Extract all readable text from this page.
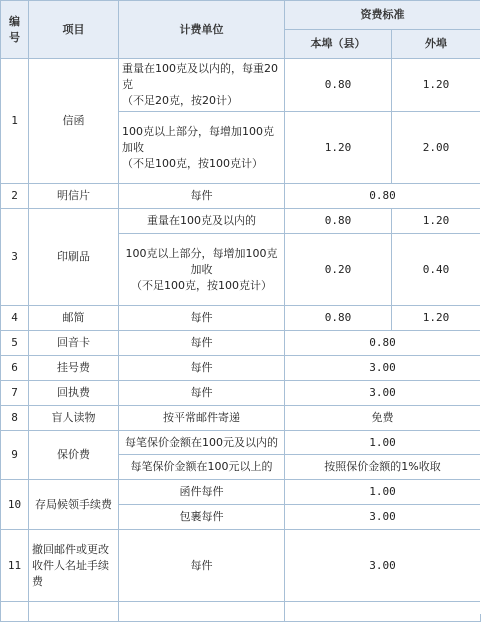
编号	项目	计费单位	资费标准	
			本埠（县）	外埠
1	信函	重量在100克及以内的，每重20克
（不足20克，按20计）	0.80	1.20
		100克以上部分，每增加100克加收
（不足100克，按100克计）	1.20	2.00
2	明信片	每件	0.80	
3	印刷品	重量在100克及以内的	0.80	1.20
		100克以上部分，每增加100克加收
（不足100克，按100克计）	0.20	0.40
4	邮简	每件	0.80	1.20
5	回音卡	每件	0.80	
6	挂号费	每件	3.00	
7	回执费	每件	3.00	
8	盲人读物	按平常邮件寄递	免费	
9	保价费	每笔保价金额在100元及以内的	1.00	
		每笔保价金额在100元以上的	按照保价金额的1%收取	
10	存局候领手续费	函件每件	1.00	
		包裹每件	3.00	
11	撤回邮件或更改收件人名址手续费	每件	3.00	
